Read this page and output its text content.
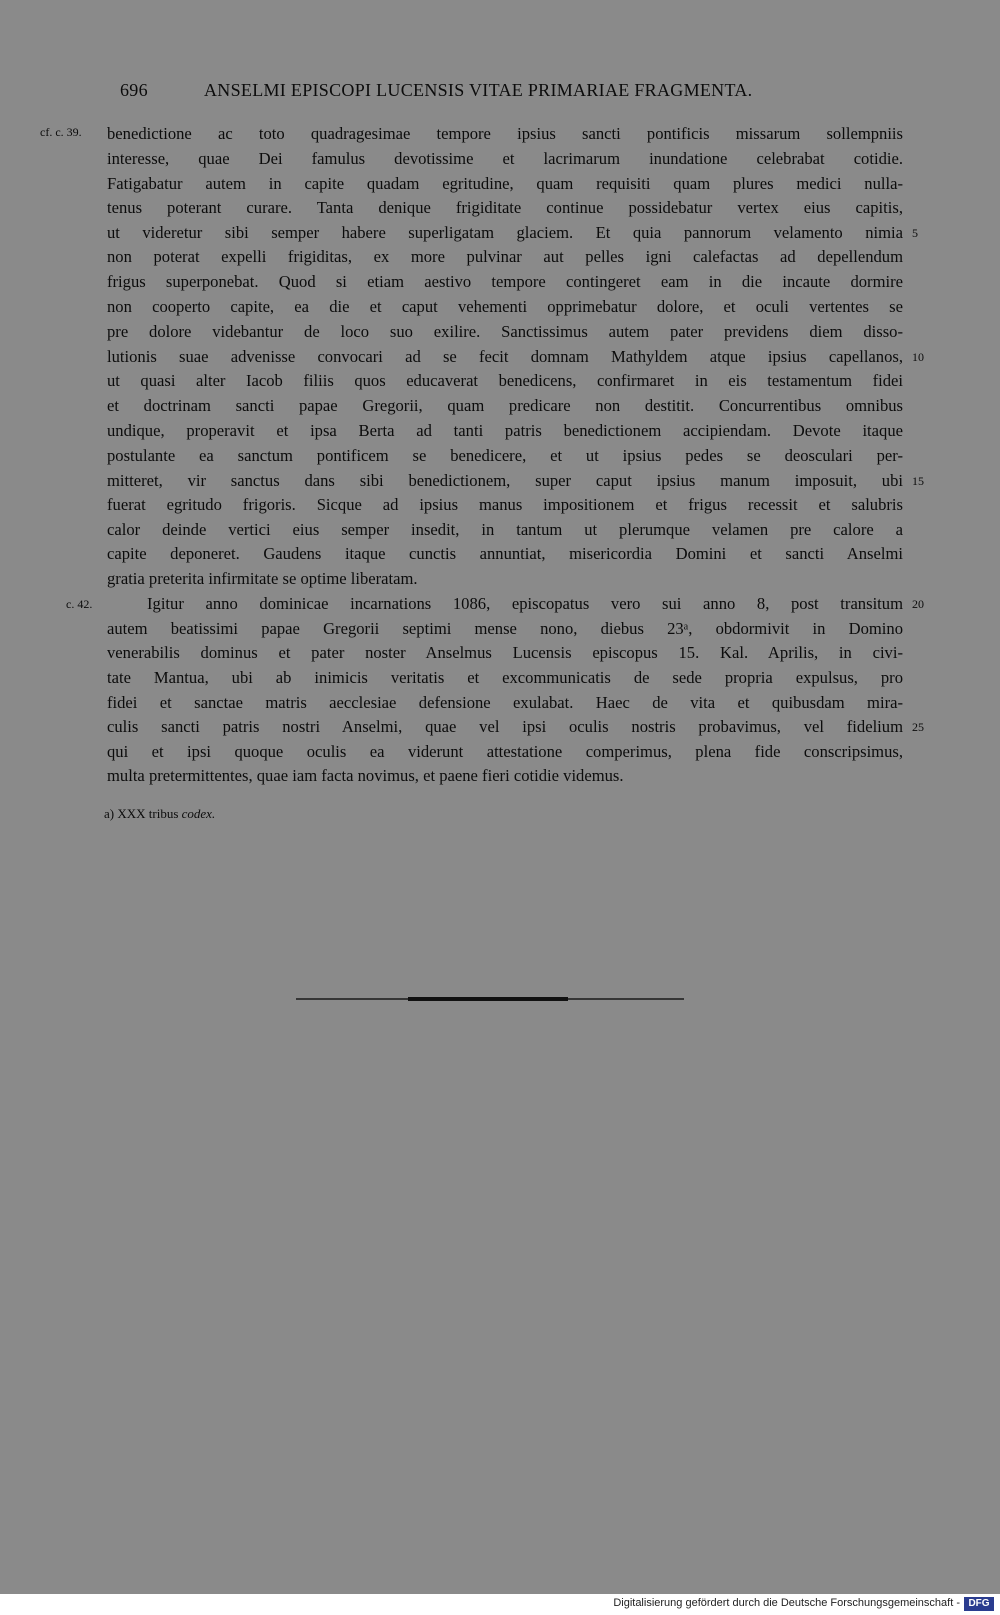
696	ANSELMI EPISCOPI LUCENSIS VITAE PRIMARIAE FRAGMENTA.
cf. c. 39.
c. 42.
5
10
15
20
25
benedictione ac toto quadragesimae tempore ipsius sancti pontificis missarum sollempniis
interesse, quae Dei famulus devotissime et lacrimarum inundatione celebrabat cotidie.
Fatigabatur autem in capite quadam egritudine, quam requisiti quam plures medici nulla-
tenus poterant curare. Tanta denique frigiditate continue possidebatur vertex eius capitis,
ut videretur sibi semper habere superligatam glaciem. Et quia pannorum velamento nimia
non poterat expelli frigiditas, ex more pulvinar aut pelles igni calefactas ad depellendum
frigus superponebat. Quod si etiam aestivo tempore contingeret eam in die incaute dormire
non cooperto capite, ea die et caput vehementi opprimebatur dolore, et oculi vertentes se
pre dolore videbantur de loco suo exilire. Sanctissimus autem pater previdens diem disso-
lutionis suae advenisse convocari ad se fecit domnam Mathyldem atque ipsius capellanos,
ut quasi alter Iacob filiis quos educaverat benedicens, confirmaret in eis testamentum fidei
et doctrinam sancti papae Gregorii, quam predicare non destitit. Concurrentibus omnibus
undique, properavit et ipsa Berta ad tanti patris benedictionem accipiendam. Devote itaque
postulante ea sanctum pontificem se benedicere, et ut ipsius pedes se deosculari per-
mitteret, vir sanctus dans sibi benedictionem, super caput ipsius manum imposuit, ubi
fuerat egritudo frigoris. Sicque ad ipsius manus impositionem et frigus recessit et salubris
calor deinde vertici eius semper insedit, in tantum ut plerumque velamen pre calore a
capite deponeret. Gaudens itaque cunctis annuntiat, misericordia Domini et sancti Anselmi
gratia preterita infirmitate se optime liberatam.
Igitur anno dominicae incarnations 1086, episcopatus vero sui anno 8, post transitum
autem beatissimi papae Gregorii septimi mense nono, diebus 23ᵃ, obdormivit in Domino
venerabilis dominus et pater noster Anselmus Lucensis episcopus 15. Kal. Aprilis, in civi-
tate Mantua, ubi ab inimicis veritatis et excommunicatis de sede propria expulsus, pro
fidei et sanctae matris aecclesiae defensione exulabat. Haec de vita et quibusdam mira-
culis sancti patris nostri Anselmi, quae vel ipsi oculis nostris probavimus, vel fidelium
qui et ipsi quoque oculis ea viderunt attestatione comperimus, plena fide conscripsimus,
multa pretermittentes, quae iam facta novimus, et paene fieri cotidie videmus.
a) XXX tribus codex.
Digitalisierung gefördert durch die Deutsche Forschungsgemeinschaft - DFG
